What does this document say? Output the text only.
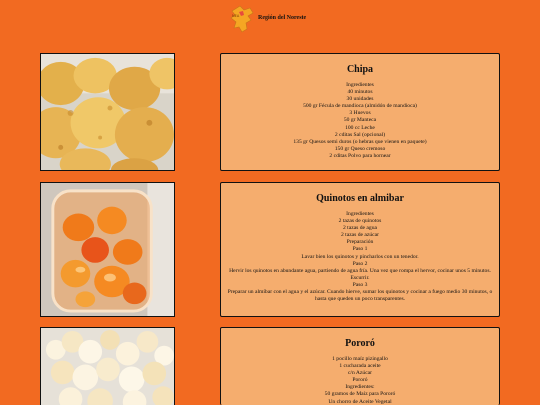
NEA	Región del Noreste
Chipa
Ingredientes
40 minutos
30 unidades
500 gr Fécula de mandioca (almidón de mandioca)
3 Huevos
50 gr Manteca
100 cc Leche
2 cditas Sal (opcional)
135 gr Quesos semi duros (o hebras que vienen en paquete)
150 gr Queso cremoso
2 cditas Polvo para hornear
Quinotos en almibar
Ingredientes
2 tazas de quinotos
2 tazas de agua
2 tazas de azúcar
Preparación
Paso 1
Lavar bien los quinotos y pincharlos con un tenedor.
Paso 2
Hervir los quinotos en abundante agua, partiendo de agua fría. Una vez que rompa el hervor, cocinar unos 5 minutos. Escurrir.
Paso 3
Preparar un almíbar con el agua y el azúcar. Cuando hierve, sumar los quinotos y cocinar a fuego medio 30 minutos, o hasta que queden un poco transparentes.
Pororó
1 pocillo maíz pizingallo
1 cucharada aceite
c/n Azúcar
Pororó
Ingredientes:
50 gramos de Maíz para Pororó
Un chorro de Aceite Vegetal
